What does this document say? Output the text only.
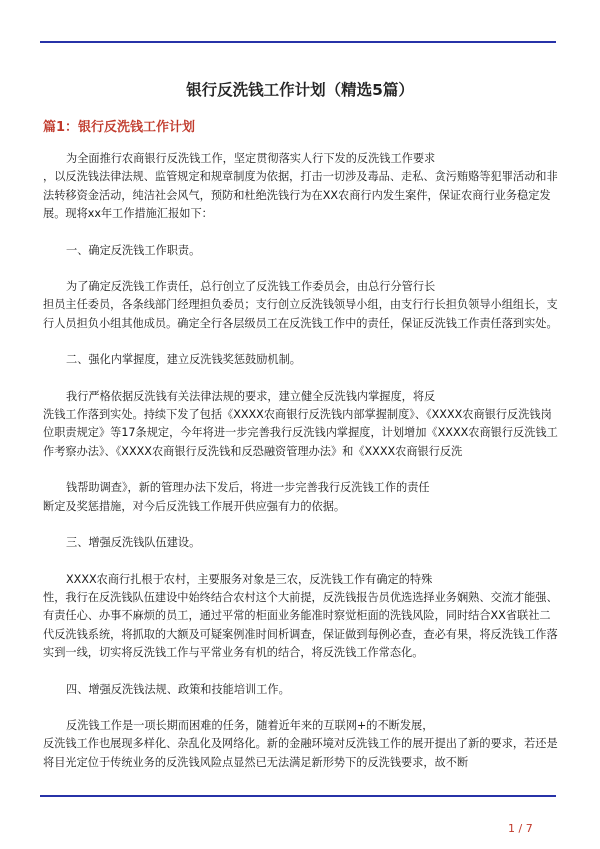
银行反洗钱工作计划（精选5篇）
篇1：银行反洗钱工作计划

为全面推行农商银行反洗钱工作，坚定贯彻落实人行下发的反洗钱工作要求
，以反洗钱法律法规、监管规定和规章制度为依据，打击一切涉及毒品、走私、贪污贿赂等犯罪活动和非法转移资金活动，纯洁社会风气，预防和杜绝洗钱行为在XX农商行内发生案件，保证农商行业务稳定发展。现将xx年工作措施汇报如下：

一、确定反洗钱工作职责。

为了确定反洗钱工作责任，总行创立了反洗钱工作委员会，由总行分管行长
担员主任委员，各条线部门经理担负委员；支行创立反洗钱领导小组，由支行行长担负领导小组组长，支行人员担负小组其他成员。确定全行各层级员工在反洗钱工作中的责任，保证反洗钱工作责任落到实处。

二、强化内掌握度，建立反洗钱奖惩鼓励机制。

我行严格依据反洗钱有关法律法规的要求，建立健全反洗钱内掌握度，将反
洗钱工作落到实处。持续下发了包括《XXXX农商银行反洗钱内部掌握制度》、《XXXX农商银行反洗钱岗位职责规定》等17条规定，今年将进一步完善我行反洗钱内掌握度，计划增加《XXXX农商银行反洗钱工作考察办法》、《XXXX农商银行反洗钱和反恐融资管理办法》和《XXXX农商银行反洗

钱帮助调查》，新的管理办法下发后，将进一步完善我行反洗钱工作的责任
断定及奖惩措施，对今后反洗钱工作展开供应强有力的依据。

三、增强反洗钱队伍建设。

XXXX农商行扎根于农村，主要服务对象是三农，反洗钱工作有确定的特殊
性，我行在反洗钱队伍建设中始终结合农村这个大前提，反洗钱报告员优选选择业务娴熟、交流才能强、有责任心、办事不麻烦的员工，通过平常的柜面业务能准时察觉柜面的洗钱风险，同时结合XX省联社二代反洗钱系统，将抓取的大额及可疑案例准时间析调查，保证做到每例必查，查必有果，将反洗钱工作落实到一线，切实将反洗钱工作与平常业务有机的结合，将反洗钱工作常态化。

四、增强反洗钱法规、政策和技能培训工作。

反洗钱工作是一项长期而困难的任务，随着近年来的互联网+的不断发展，
反洗钱工作也展现多样化、杂乱化及网络化。新的金融环境对反洗钱工作的展开提出了新的要求，若还是将目光定位于传统业务的反洗钱风险点显然已无法满足新形势下的反洗钱要求，故不断

1 / 7
